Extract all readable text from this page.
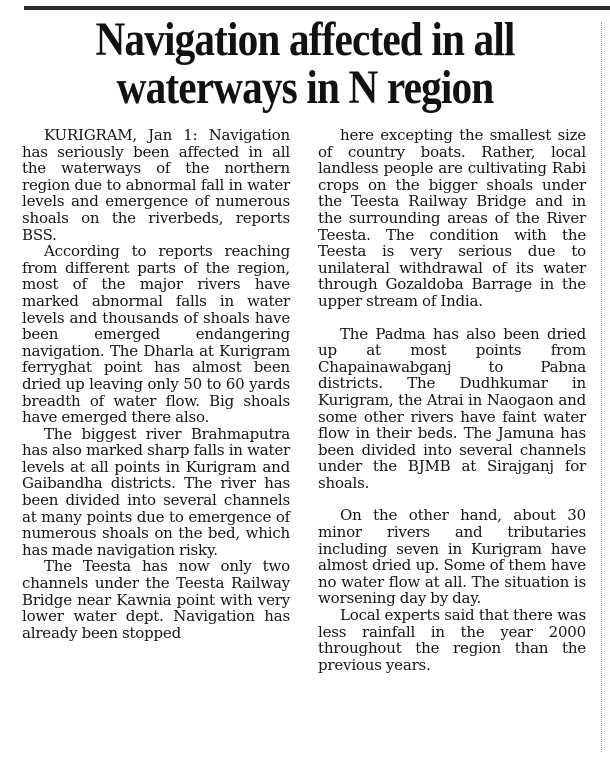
Navigation affected in all
waterways in N region

KURIGRAM, Jan 1: Navigation has seriously been affected in all the waterways of the northern region due to abnormal fall in water levels and emergence of numerous shoals on the riverbeds, reports BSS.

According to reports reaching from different parts of the region, most of the major rivers have marked abnormal falls in water levels and thousands of shoals have been emerged endangering navigation. The Dharla at Kurigram ferryghat point has almost been dried up leaving only 50 to 60 yards breadth of water flow. Big shoals have emerged there also.

The biggest river Brahmaputra has also marked sharp falls in water levels at all points in Kurigram and Gaibandha districts. The river has been divided into several channels at many points due to emergence of numerous shoals on the bed, which has made navigation risky.

The Teesta has now only two channels under the Teesta Railway Bridge near Kawnia point with very lower water dept. Navigation has already been stopped

here excepting the smallest size of country boats. Rather, local landless people are cultivating Rabi crops on the bigger shoals under the Teesta Railway Bridge and in the surrounding areas of the River Teesta. The condition with the Teesta is very serious due to unilateral withdrawal of its water through Gozaldoba Barrage in the upper stream of India.

The Padma has also been dried up at most points from Chapainawabganj to Pabna districts. The Dudhkumar in Kurigram, the Atrai in Naogaon and some other rivers have faint water flow in their beds. The Jamuna has been divided into several channels under the BJMB at Sirajganj for shoals.

On the other hand, about 30 minor rivers and tributaries including seven in Kurigram have almost dried up. Some of them have no water flow at all. The situation is worsening day by day.

Local experts said that there was less rainfall in the year 2000 throughout the region than the previous years.
